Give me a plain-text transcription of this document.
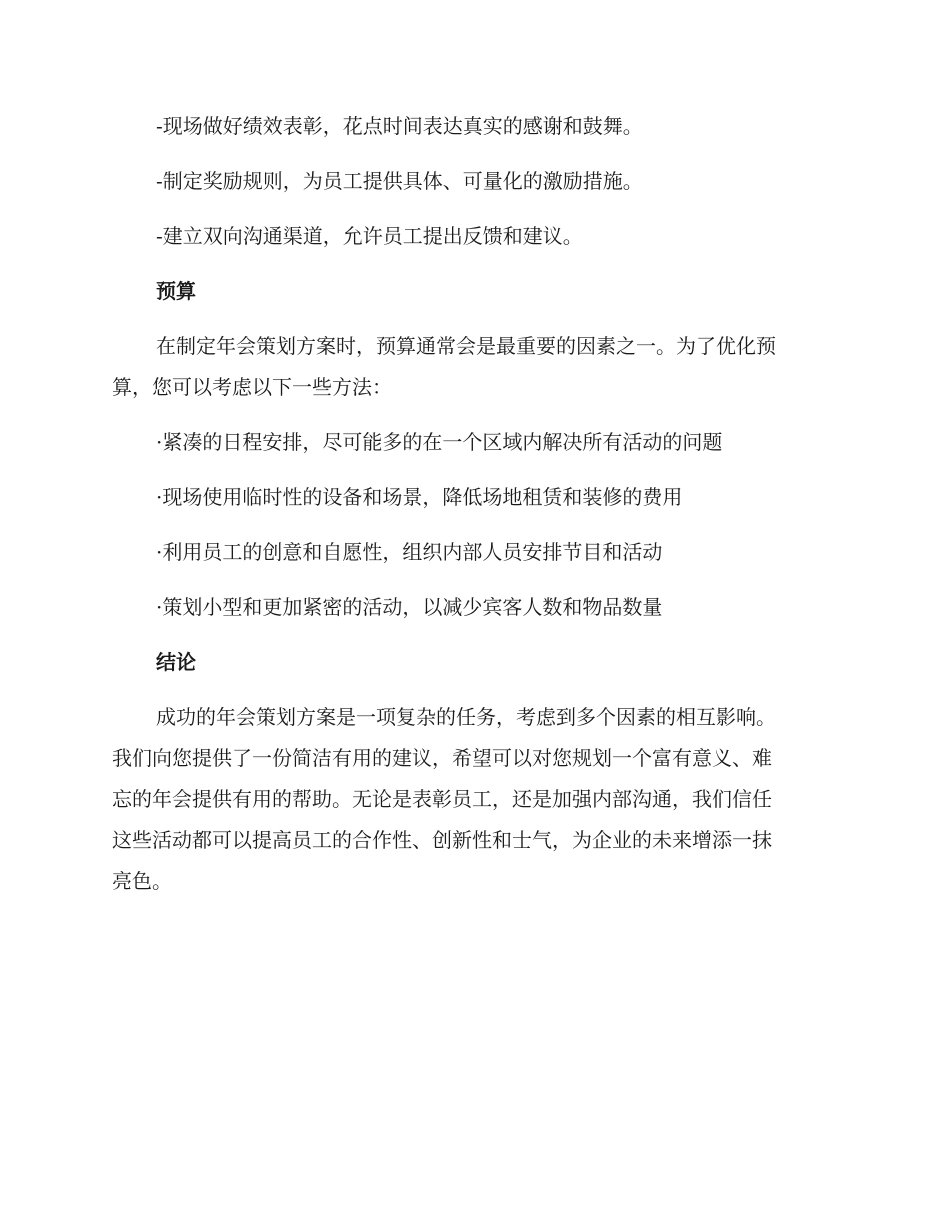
-现场做好绩效表彰，花点时间表达真实的感谢和鼓舞。

-制定奖励规则，为员工提供具体、可量化的激励措施。

-建立双向沟通渠道，允许员工提出反馈和建议。

预算
在制定年会策划方案时，预算通常会是最重要的因素之一。为了优化预
算，您可以考虑以下一些方法：

·紧凑的日程安排，尽可能多的在一个区域内解决所有活动的问题

·现场使用临时性的设备和场景，降低场地租赁和装修的费用

·利用员工的创意和自愿性，组织内部人员安排节目和活动

·策划小型和更加紧密的活动，以减少宾客人数和物品数量

结论
成功的年会策划方案是一项复杂的任务，考虑到多个因素的相互影响。
我们向您提供了一份简洁有用的建议，希望可以对您规划一个富有意义、难
忘的年会提供有用的帮助。无论是表彰员工，还是加强内部沟通，我们信任
这些活动都可以提高员工的合作性、创新性和士气，为企业的未来增添一抹
亮色。
